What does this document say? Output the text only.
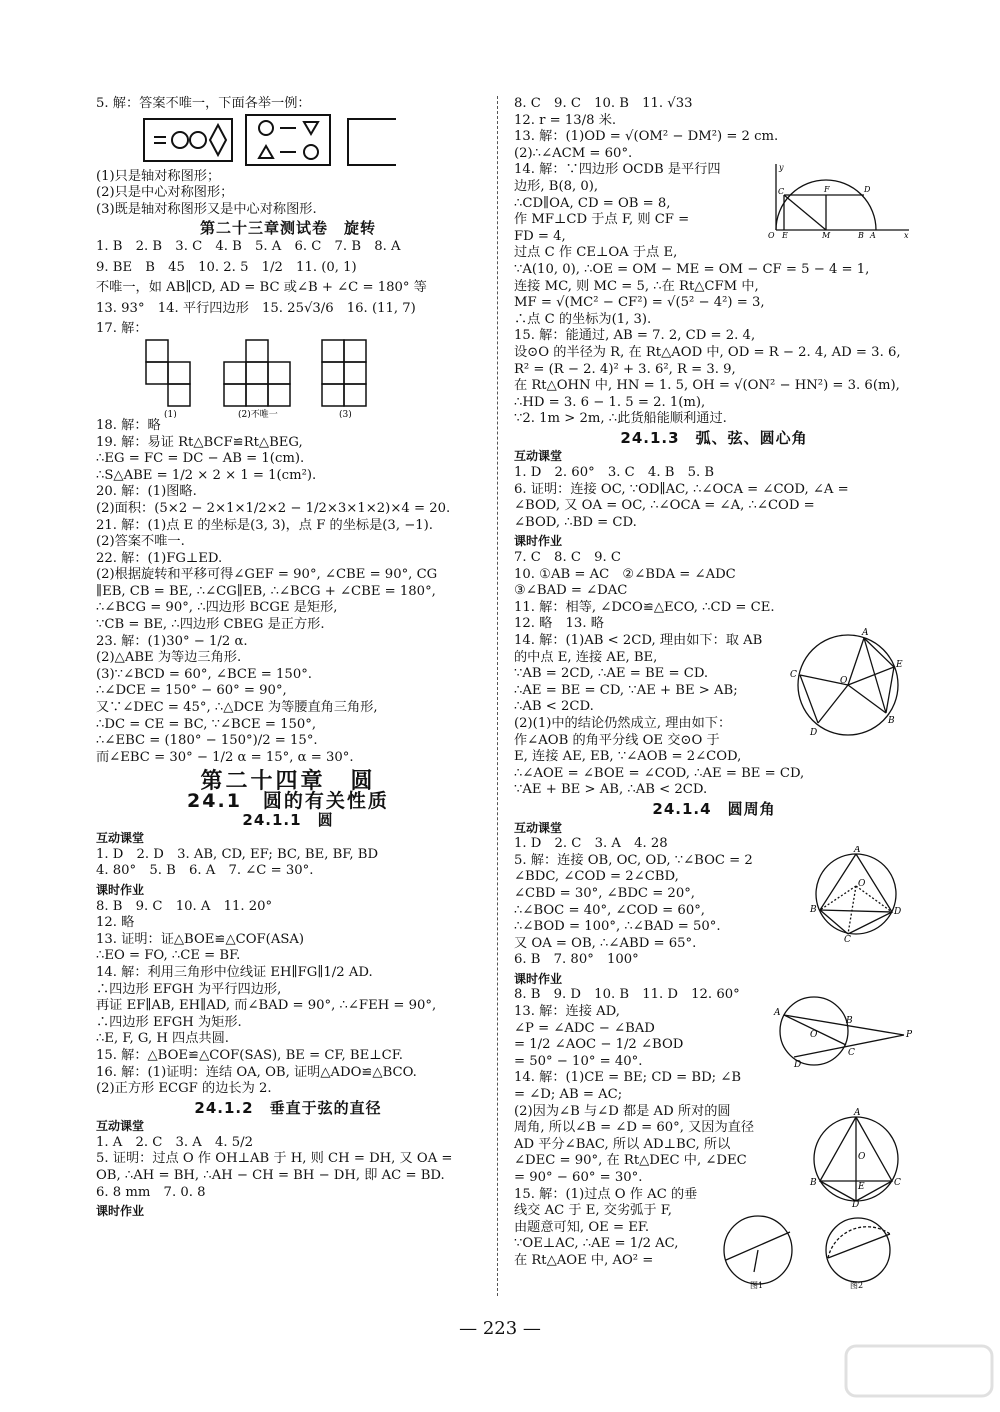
5. 解：答案不唯一，下面各举一例：
(1)只是轴对称图形；
(2)只是中心对称图形；
(3)既是轴对称图形又是中心对称图形.
第二十三章测试卷　旋转
1. B　2. B　3. C　4. B　5. A　6. C　7. B　8. A
9. BE　B　45　10. 2. 5　1/2　11. (0, 1)
不唯一，如 AB∥CD, AD = BC 或∠B + ∠C = 180° 等
13. 93°　14. 平行四边形　15. 25√3/6　16. (11, 7)
17. 解：
(1)	(2)不唯一	(3)
18. 解：略
19. 解：易证 Rt△BCF≌Rt△BEG,
∴EG = FC = DC − AB = 1(cm).
∴S△ABE = 1/2 × 2 × 1 = 1(cm²).
20. 解：(1)图略.
(2)面积：(5×2 − 2×1×1/2×2 − 1/2×3×1×2)×4 = 20.
21. 解：(1)点 E 的坐标是(3, 3)，点 F 的坐标是(3, −1).
(2)答案不唯一.
22. 解：(1)FG⊥ED.
(2)根据旋转和平移可得∠GEF = 90°, ∠CBE = 90°, CG
∥EB, CB = BE, ∴∠CG∥EB, ∴∠BCG + ∠CBE = 180°,
∴∠BCG = 90°, ∴四边形 BCGE 是矩形,
∵CB = BE, ∴四边形 CBEG 是正方形.
23. 解：(1)30° − 1/2 α.
(2)△ABE 为等边三角形.
(3)∵∠BCD = 60°, ∠BCE = 150°.
∴∠DCE = 150° − 60° = 90°,
又∵∠DEC = 45°, ∴△DCE 为等腰直角三角形,
∴DC = CE = BC, ∵∠BCE = 150°,
∴∠EBC = (180° − 150°)/2 = 15°.
而∠EBC = 30° − 1/2 α = 15°, α = 30°.
第二十四章　圆
24.1　圆的有关性质
24.1.1　圆
互动课堂
1. D　2. D　3. AB, CD, EF; BC, BE, BF, BD
4. 80°　5. B　6. A　7. ∠C = 30°.
课时作业
8. B　9. C　10. A　11. 20°
12. 略
13. 证明：证△BOE≌△COF(ASA)
∴EO = FO, ∴CE = BF.
14. 解：利用三角形中位线证 EH∥FG∥1/2 AD.
∴四边形 EFGH 为平行四边形,
再证 EF∥AB, EH∥AD, 而∠BAD = 90°, ∴∠FEH = 90°,
∴四边形 EFGH 为矩形.
∴E, F, G, H 四点共圆.
15. 解：△BOE≌△COF(SAS), BE = CF, BE⊥CF.
16. 解：(1)证明：连结 OA, OB, 证明△ADO≌△BCO.
(2)正方形 ECGF 的边长为 2.
24.1.2　垂直于弦的直径
互动课堂
1. A　2. C　3. A　4. 5/2
5. 证明：过点 O 作 OH⊥AB 于 H, 则 CH = DH, 又 OA =
OB, ∴AH = BH, ∴AH − CH = BH − DH, 即 AC = BD.
6. 8 mm　7. 0. 8
课时作业
8. C　9. C　10. B　11. √33
12. r = 13/8 米.
13. 解：(1)OD = √(OM² − DM²) = 2 cm.
(2)∴∠ACM = 60°.
O E	M	B A	x
C	F	D
y
14. 解：∵四边形 OCDB 是平行四
边形, B(8, 0),
∴CD∥OA, CD = OB = 8,
作 MF⊥CD 于点 F, 则 CF =
FD = 4,
过点 C 作 CE⊥OA 于点 E,
∵A(10, 0), ∴OE = OM − ME = OM − CF = 5 − 4 = 1,
连接 MC, 则 MC = 5, ∴在 Rt△CFM 中,
MF = √(MC² − CF²) = √(5² − 4²) = 3,
∴点 C 的坐标为(1, 3).
15. 解：能通过, AB = 7. 2, CD = 2. 4,
设⊙O 的半径为 R, 在 Rt△AOD 中, OD = R − 2. 4, AD = 3. 6,
R² = (R − 2. 4)² + 3. 6², R = 3. 9,
在 Rt△OHN 中, HN = 1. 5, OH = √(ON² − HN²) = 3. 6(m),
∴HD = 3. 6 − 1. 5 = 2. 1(m),
∵2. 1m > 2m, ∴此货船能顺利通过.
24.1.3　弧、弦、圆心角
互动课堂
1. D　2. 60°　3. C　4. B　5. B
6. 证明：连接 OC, ∵OD∥AC, ∴∠OCA = ∠COD, ∠A =
∠BOD, 又 OA = OC, ∴∠OCA = ∠A, ∴∠COD =
∠BOD, ∴BD = CD.
课时作业
7. C　8. C　9. C
10. ①AB = AC　②∠BDA = ∠ADC
③∠BAD = ∠DAC
11. 解：相等, ∠DCO≌△ECO, ∴CD = CE.
12. 略　13. 略
A
E
B
C
D
O
14. 解：(1)AB < 2CD, 理由如下：取 AB
的中点 E, 连接 AE, BE,
∵AB = 2CD, ∴AE = BE = CD.
∴AE = BE = CD, ∵AE + BE > AB;
∴AB < 2CD.
(2)(1)中的结论仍然成立, 理由如下：
作∠AOB 的角平分线 OE 交⊙O 于
E, 连接 AE, EB, ∵∠AOB = 2∠COD,
∴∠AOE = ∠BOE = ∠COD, ∴AE = BE = CD,
∵AE + BE > AB, ∴AB < 2CD.
24.1.4　圆周角
互动课堂
A
B	D
C
O
1. D　2. C　3. A　4. 28
5. 解：连接 OB, OC, OD, ∵∠BOC = 2
∠BDC, ∠COD = 2∠CBD,
∠CBD = 30°, ∠BDC = 20°,
∴∠BOC = 40°, ∠COD = 60°,
∴∠BOD = 100°, ∴∠BAD = 50°.
又 OA = OB, ∴∠ABD = 65°.
6. B　7. 80°　100°
课时作业
A
B
C
D
P
O
A
B	C
D
E
O
8. B　9. D　10. B　11. D　12. 60°
13. 解：连接 AD,
∠P = ∠ADC − ∠BAD
= 1/2 ∠AOC − 1/2 ∠BOD
= 50° − 10° = 40°.
14. 解：(1)CE = BE; CD = BD; ∠B
= ∠D; AB = AC;
(2)因为∠B 与∠D 都是 AD 所对的圆
周角, 所以∠B = ∠D = 60°, 又因为直径
AD 平分∠BAC, 所以 AD⊥BC, 所以
∠DEC = 90°, 在 Rt△DEC 中, ∠DEC
= 90° − 60° = 30°.
15. 解：(1)过点 O 作 AC 的垂
线交 AC 于 E, 交劣弧于 F,
由题意可知, OE = EF.
∵OE⊥AC, ∴AE = 1/2 AC,
在 Rt△AOE 中, AO² =
图1	图2
— 223 —
